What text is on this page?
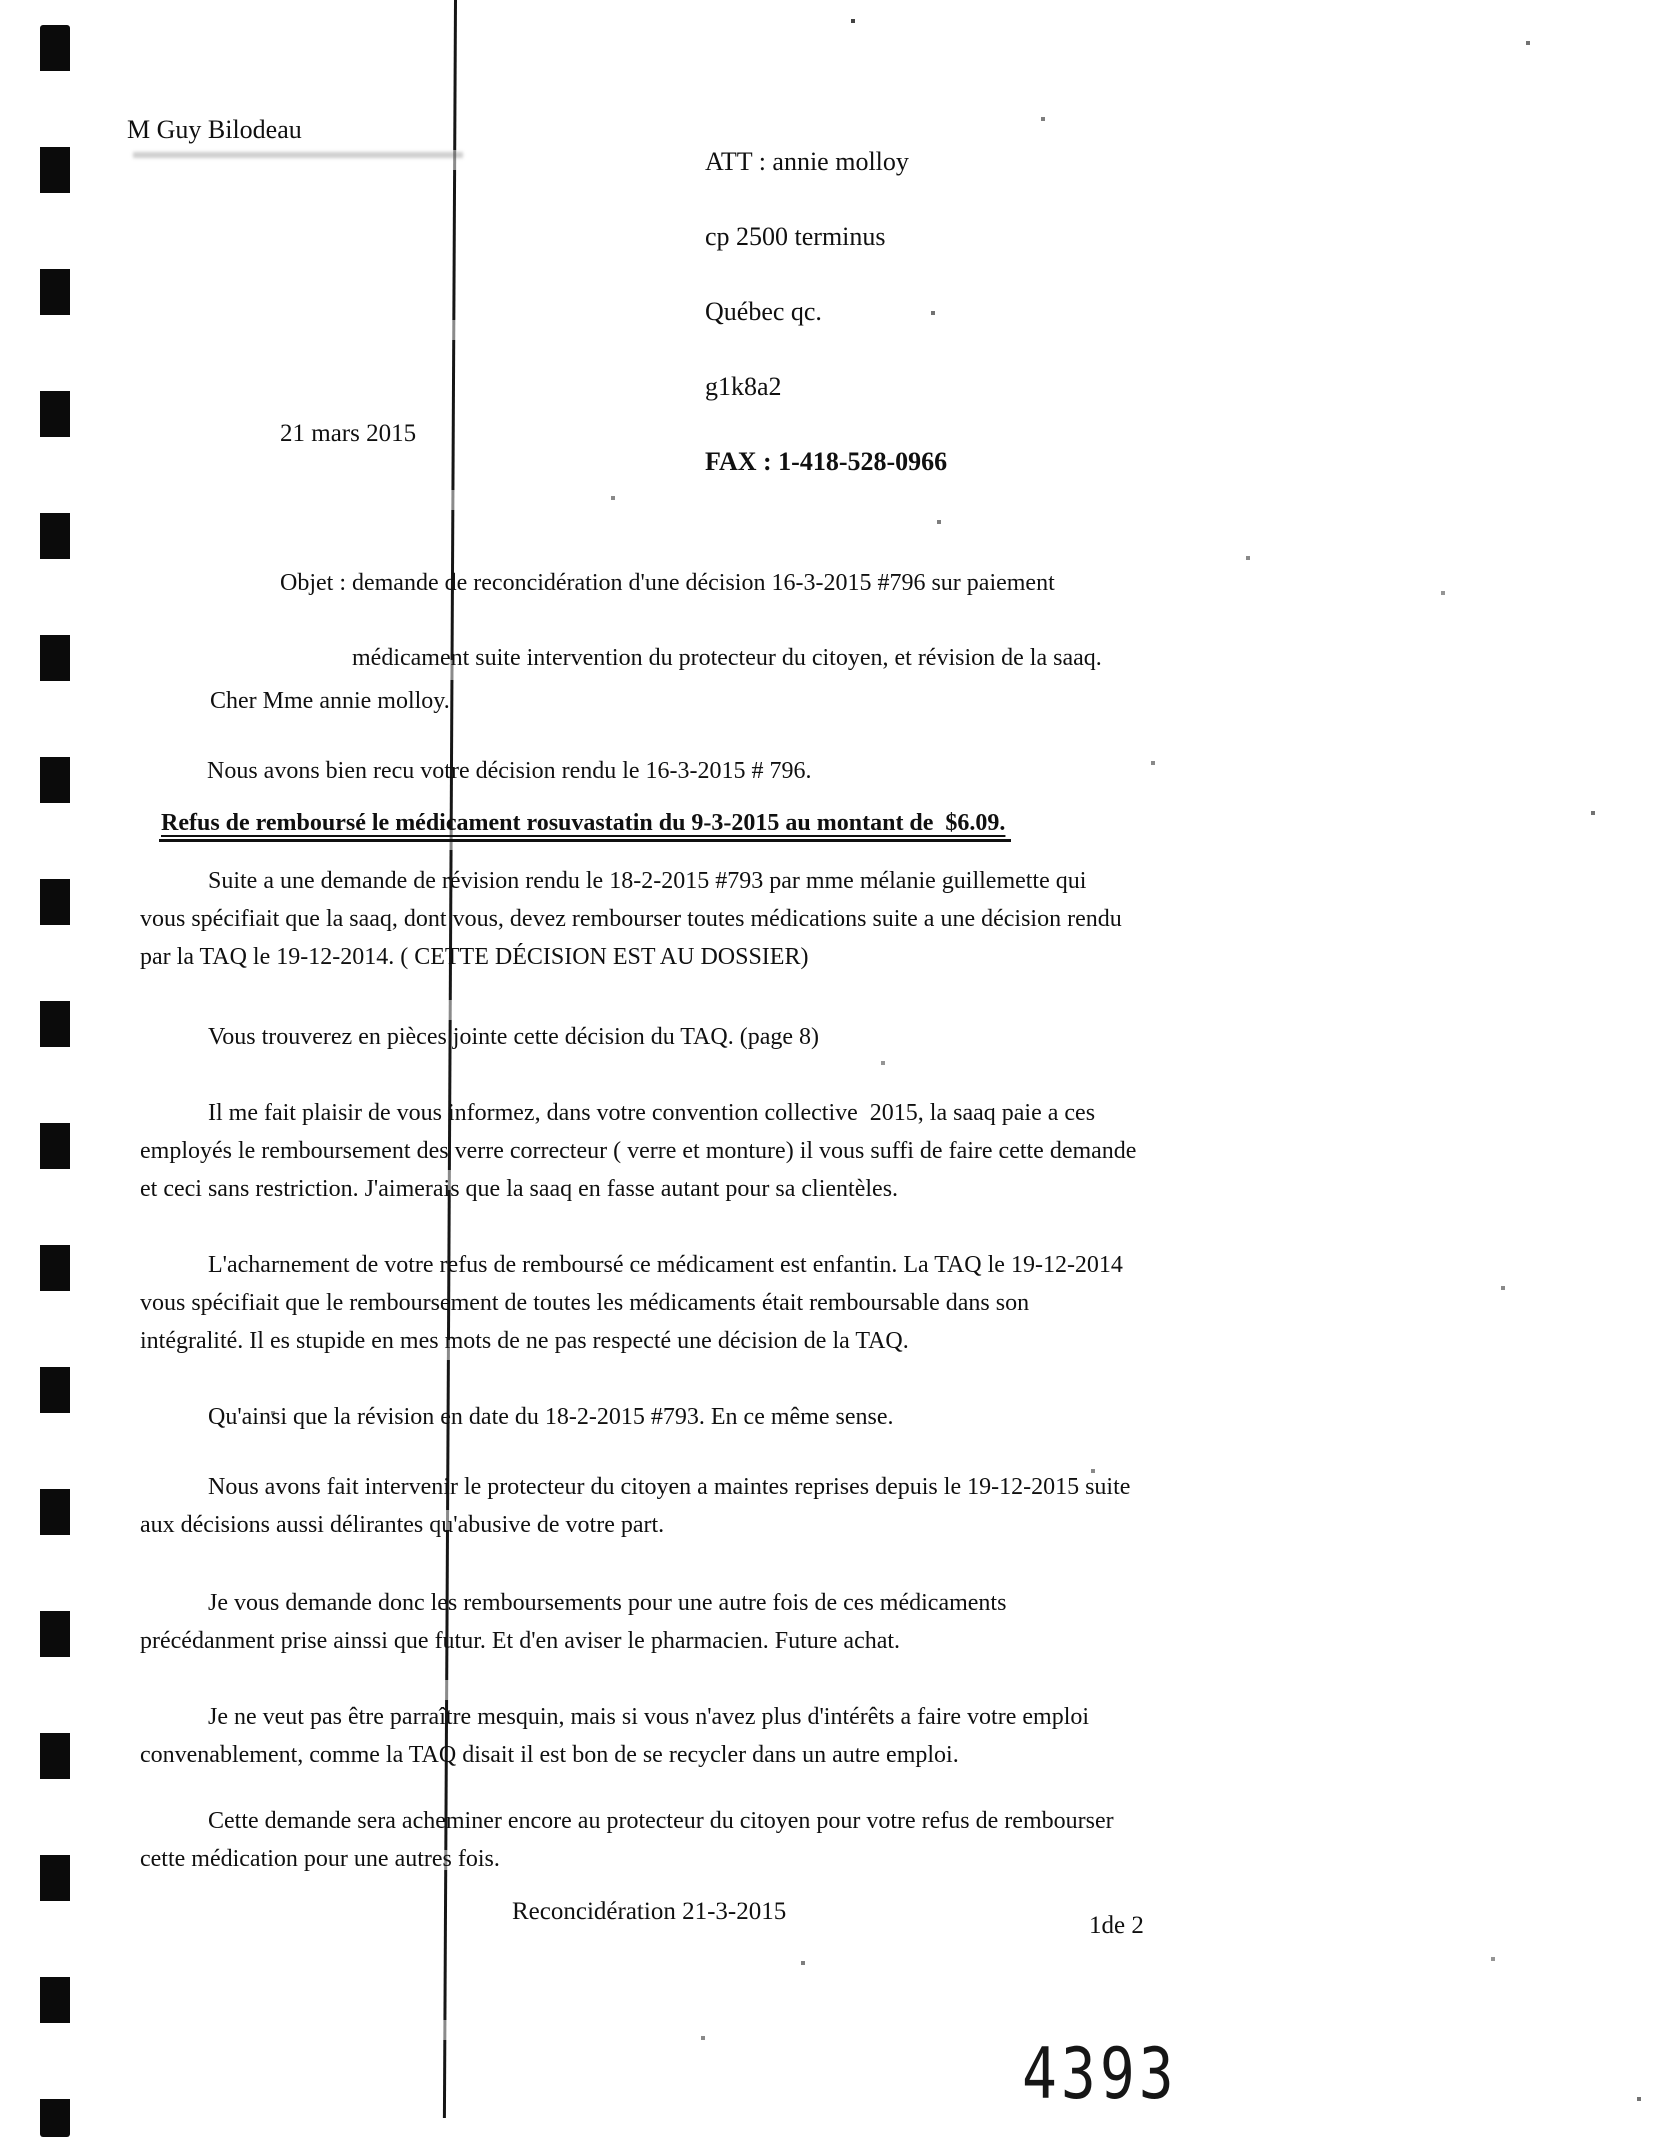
M Guy Bilodeau

ATT : annie molloy

cp 2500 terminus

Québec qc.

g1k8a2

FAX : 1-418-528-0966

21 mars 2015

Objet : demande de reconcidération d'une décision 16-3-2015 #796 sur paiement

médicament suite intervention du protecteur du citoyen, et révision de la saaq.

Cher Mme annie molloy.
Nous avons bien recu votre décision rendu le 16-3-2015 # 796.

Refus de remboursé le médicament rosuvastatin du 9-3-2015 au montant de  $6.09.

Suite a une demande de révision rendu le 18-2-2015 #793 par mme mélanie guillemette qui
vous spécifiait que la saaq, dont vous, devez rembourser toutes médications suite a une décision rendu
par la TAQ le 19-12-2014. ( CETTE DÉCISION EST AU DOSSIER)
Vous trouverez en pièces jointe cette décision du TAQ. (page 8)
Il me fait plaisir de vous informez, dans votre convention collective  2015, la saaq paie a ces
employés le remboursement des verre correcteur ( verre et monture) il vous suffi de faire cette demande
et ceci sans restriction. J'aimerais que la saaq en fasse autant pour sa clientèles.
L'acharnement de votre refus de remboursé ce médicament est enfantin. La TAQ le 19-12-2014
vous spécifiait que le remboursement de toutes les médicaments était remboursable dans son
intégralité. Il es stupide en mes mots de ne pas respecté une décision de la TAQ.
Qu'ainsi que la révision en date du 18-2-2015 #793. En ce même sense.
Nous avons fait intervenir le protecteur du citoyen a maintes reprises depuis le 19-12-2015 suite
aux décisions aussi délirantes qu'abusive de votre part.
Je vous demande donc les remboursements pour une autre fois de ces médicaments
précédanment prise ainssi que futur. Et d'en aviser le pharmacien. Future achat.
Je ne veut pas être parraître mesquin, mais si vous n'avez plus d'intérêts a faire votre emploi
convenablement, comme la TAQ disait il est bon de se recycler dans un autre emploi.
Cette demande sera acheminer encore au protecteur du citoyen pour votre refus de rembourser
cette médication pour une autres fois.
Reconcidération 21-3-2015
1de 2
4393
